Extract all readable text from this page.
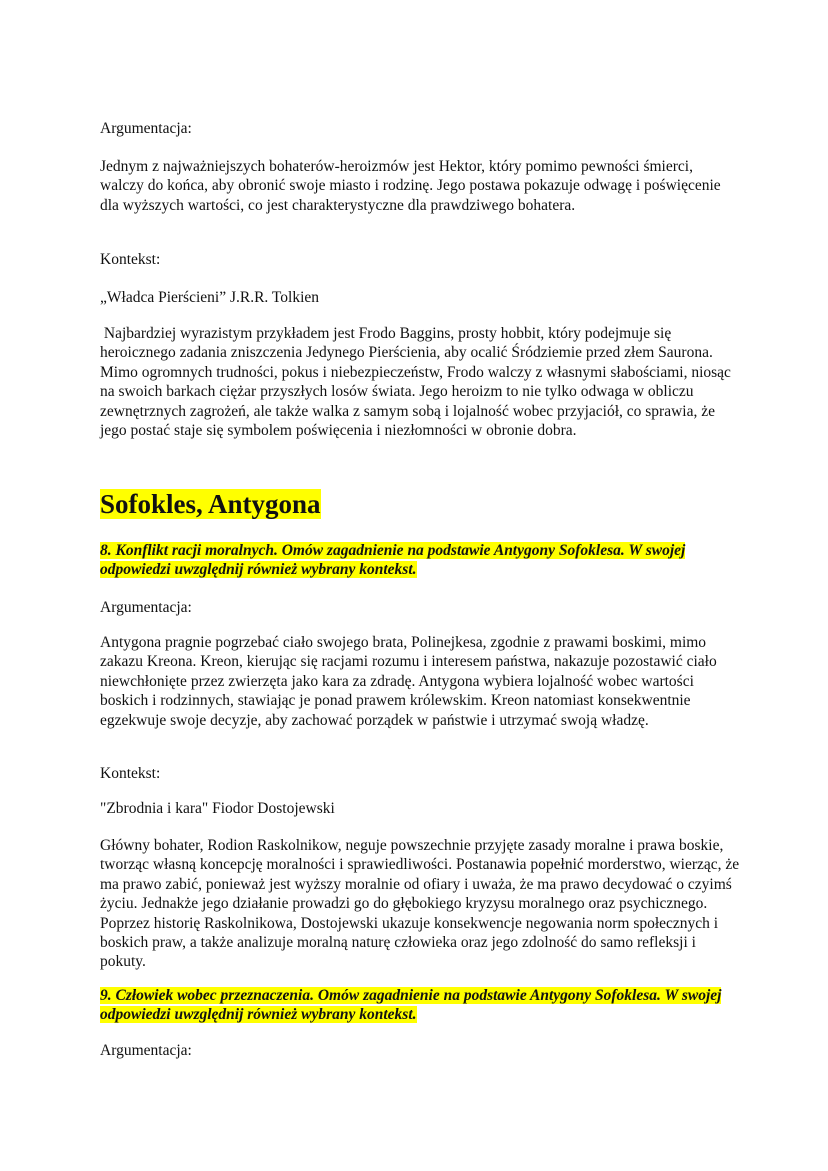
Argumentacja:

Jednym z najważniejszych bohaterów-heroizmów jest Hektor, który pomimo pewności śmierci, walczy do końca, aby obronić swoje miasto i rodzinę. Jego postawa pokazuje odwagę i poświęcenie dla wyższych wartości, co jest charakterystyczne dla prawdziwego bohatera.

Kontekst:

„Władca Pierścieni” J.R.R. Tolkien

Najbardziej wyrazistym przykładem jest Frodo Baggins, prosty hobbit, który podejmuje się heroicznego zadania zniszczenia Jedynego Pierścienia, aby ocalić Śródziemie przed złem Saurona. Mimo ogromnych trudności, pokus i niebezpieczeństw, Frodo walczy z własnymi słabościami, niosąc na swoich barkach ciężar przyszłych losów świata. Jego heroizm to nie tylko odwaga w obliczu zewnętrznych zagrożeń, ale także walka z samym sobą i lojalność wobec przyjaciół, co sprawia, że jego postać staje się symbolem poświęcenia i niezłomności w obronie dobra.

Sofokles, Antygona

8. Konflikt racji moralnych. Omów zagadnienie na podstawie Antygony Sofoklesa. W swojej odpowiedzi uwzględnij również wybrany kontekst.

Argumentacja:

Antygona pragnie pogrzebać ciało swojego brata, Polinejkesa, zgodnie z prawami boskimi, mimo zakazu Kreona. Kreon, kierując się racjami rozumu i interesem państwa, nakazuje pozostawić ciało niewchłonięte przez zwierzęta jako kara za zdradę. Antygona wybiera lojalność wobec wartości boskich i rodzinnych, stawiając je ponad prawem królewskim. Kreon natomiast konsekwentnie egzekwuje swoje decyzje, aby zachować porządek w państwie i utrzymać swoją władzę.

Kontekst:

"Zbrodnia i kara" Fiodor Dostojewski

Główny bohater, Rodion Raskolnikow, neguje powszechnie przyjęte zasady moralne i prawa boskie, tworząc własną koncepcję moralności i sprawiedliwości. Postanawia popełnić morderstwo, wierząc, że ma prawo zabić, ponieważ jest wyższy moralnie od ofiary i uważa, że ma prawo decydować o czyimś życiu. Jednakże jego działanie prowadzi go do głębokiego kryzysu moralnego oraz psychicznego. Poprzez historię Raskolnikowa, Dostojewski ukazuje konsekwencje negowania norm społecznych i boskich praw, a także analizuje moralną naturę człowieka oraz jego zdolność do samo refleksji i pokuty.

9. Człowiek wobec przeznaczenia. Omów zagadnienie na podstawie Antygony Sofoklesa. W swojej odpowiedzi uwzględnij również wybrany kontekst.

Argumentacja:
